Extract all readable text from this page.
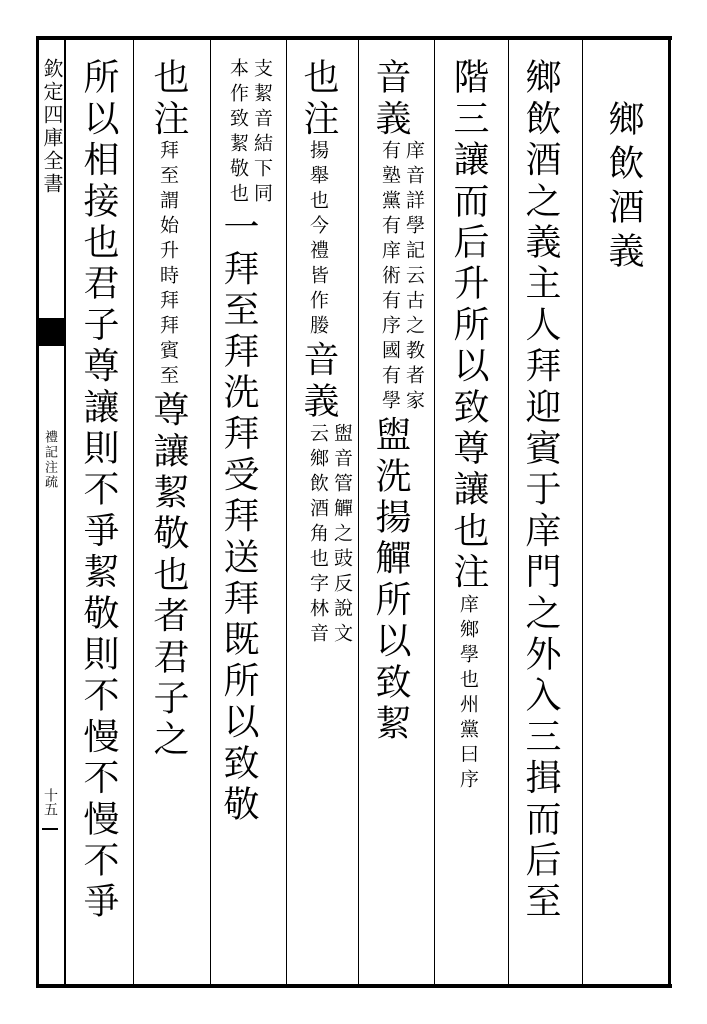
欽定四庫全書
禮記注疏
十五
鄉飲酒義
鄉飲酒之義主人拜迎賓于庠門之外入三揖而后至
階三讓而后升所以致尊讓也注庠鄉學也州黨曰序
音義
庠音詳學記云古之教者家
有塾黨有庠術有序國有學
盥洗揚觶所以致絜
也注揚舉也今禮皆作媵音義
盥音管觶之豉反說文
云鄉飲酒角也字林音
支絜音結下同
本作致絜敬也
一拜至拜洗拜受拜送拜既所以致敬
也注拜至謂始升時拜拜賓至尊讓絜敬也者君子之
所以相接也君子尊讓則不爭絜敬則不慢不慢不爭
